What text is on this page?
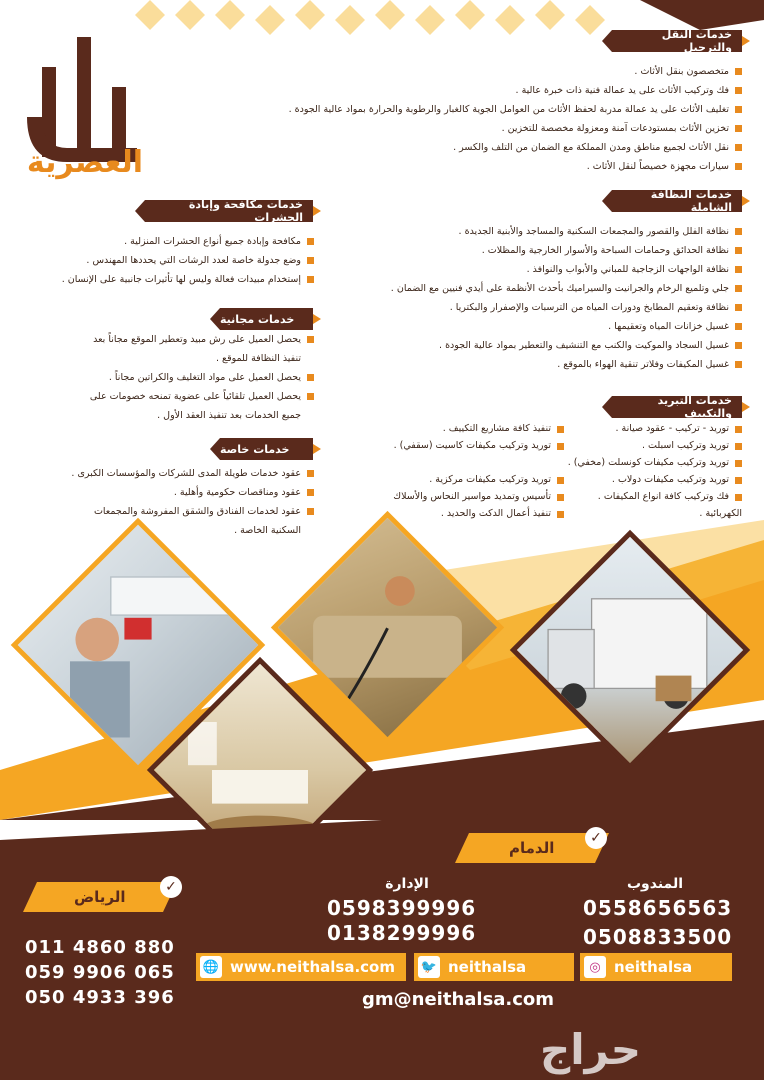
العصرية
خدمات النقل والترحيل
متخصصون بنقل الأثاث .
فك وتركيب الأثاث على يد عمالة فنية ذات خبرة عالية .
تغليف الأثاث على يد عمالة مدربة لحفظ الأثاث من العوامل الجوية كالغبار والرطوبة والحرارة بمواد عالية الجودة .
تخزين الأثاث بمستودعات آمنة ومعزولة مخصصة للتخزين .
نقل الأثاث لجميع مناطق ومدن المملكة مع الضمان من التلف والكسر .
سيارات مجهزة خصيصاً لنقل الأثاث .
خدمات النظافة الشاملة
نظافة الفلل والقصور والمجمعات السكنية والمساجد والأبنية الجديدة .
نظافة الحدائق وحمامات السباحة والأسوار الخارجية والمظلات .
نظافة الواجهات الزجاجية للمباني والأبواب والنوافذ .
جلي وتلميع الرخام والجرانيت والسيراميك بأحدث الأنظمة على أيدي فنيين مع الضمان .
نظافة وتعقيم المطابخ ودورات المياه من الترسبات والإصفرار والبكتريا .
غسيل خزانات المياه وتعقيمها .
غسيل السجاد والموكيت والكنب مع التنشيف والتعطير بمواد عالية الجودة .
غسيل المكيفات وفلاتر تنقية الهواء بالموقع .
خدمات مكافحة وإبادة الحشرات
مكافحة وإبادة جميع أنواع الحشرات المنزلية .
وضع جدولة خاصة لعدد الرشات التي يحددها المهندس .
إستخدام مبيدات فعالة وليس لها تأثيرات جانبية على الإنسان .
خدمات مجانية
يحصل العميل على رش مبيد وتعطير الموقع مجاناً بعد
تنفيذ النظافة للموقع .
يحصل العميل على مواد التغليف والكراتين مجاناً .
يحصل العميل تلقائياً على عضوية تمنحه خصومات على
جميع الخدمات بعد تنفيذ العقد الأول .
خدمات خاصة
عقود خدمات طويلة المدى للشركات والمؤسسات الكبرى .
عقود ومناقصات حكومية وأهلية .
عقود لخدمات الفنادق والشقق المفروشة والمجمعات
السكنية الخاصة .
خدمات التبريد والتكييف
توريد - تركيب - عقود صيانة .
توريد وتركيب اسبلت .
توريد وتركيب مكيفات كونسلت (مخفي) .
توريد وتركيب مكيفات دولاب .
فك وتركيب كافة انواع المكيفات .
الكهربائية .
تنفيذ كافة مشاريع التكييف .
توريد وتركيب مكيفات كاسيت (سقفي) .

توريد وتركيب مكيفات مركزية .
تأسيس وتمديد مواسير النحاس والأسلاك
تنفيذ أعمال الدكت والحديد .
الدمام
✓
الرياض
✓	المندوب
0558656563
0508833500
الإدارة
0598399996
0138299996
011 4860 880
059 9906 065
050 4933 396
🌐 www.neithalsa.com 🐦 neithalsa	◎ neithalsa
gm@neithalsa.com
حراج
